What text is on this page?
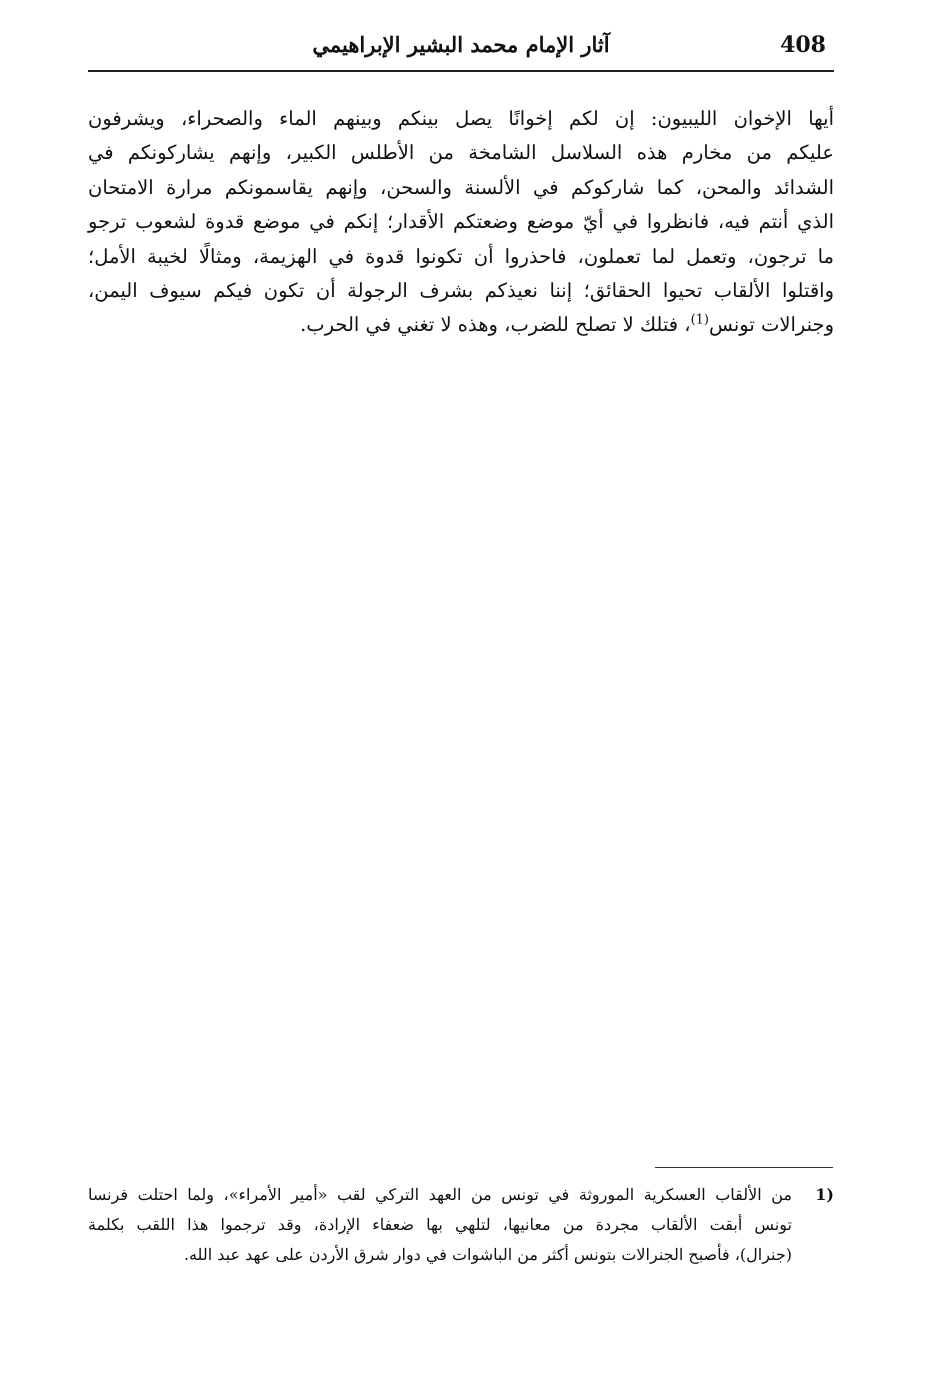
408
آثار الإمام محمد البشير الإبراهيمي
أيها الإخوان الليبيون: إن لكم إخوانًا يصل بينكم وبينهم الماء والصحراء، ويشرفون
عليكم من مخارم هذه السلاسل الشامخة من الأطلس الكبير، وإنهم يشاركونكم في
الشدائد والمحن، كما شاركوكم في الألسنة والسحن، وإنهم يقاسمونكم مرارة الامتحان
الذي أنتم فيه، فانظروا في أيّ موضع وضعتكم الأقدار؛ إنكم في موضع قدوة لشعوب ترجو
ما ترجون، وتعمل لما تعملون، فاحذروا أن تكونوا قدوة في الهزيمة، ومثالًا لخيبة الأمل؛
واقتلوا الألقاب تحيوا الحقائق؛ إننا نعيذكم بشرف الرجولة أن تكون فيكم سيوف اليمن،
وجنرالات تونس$^{(1)}$، فتلك لا تصلح للضرب، وهذه لا تغني في الحرب.
1)
من الألقاب العسكرية الموروثة في تونس من العهد التركي لقب «أمير الأمراء»، ولما احتلت فرنسا
تونس أبقت الألقاب مجردة من معانيها، لتلهي بها ضعفاء الإرادة، وقد ترجموا هذا اللقب بكلمة
(جنرال)، فأصبح الجنرالات بتونس أكثر من الباشوات في دوار شرق الأردن على عهد عبد الله.
